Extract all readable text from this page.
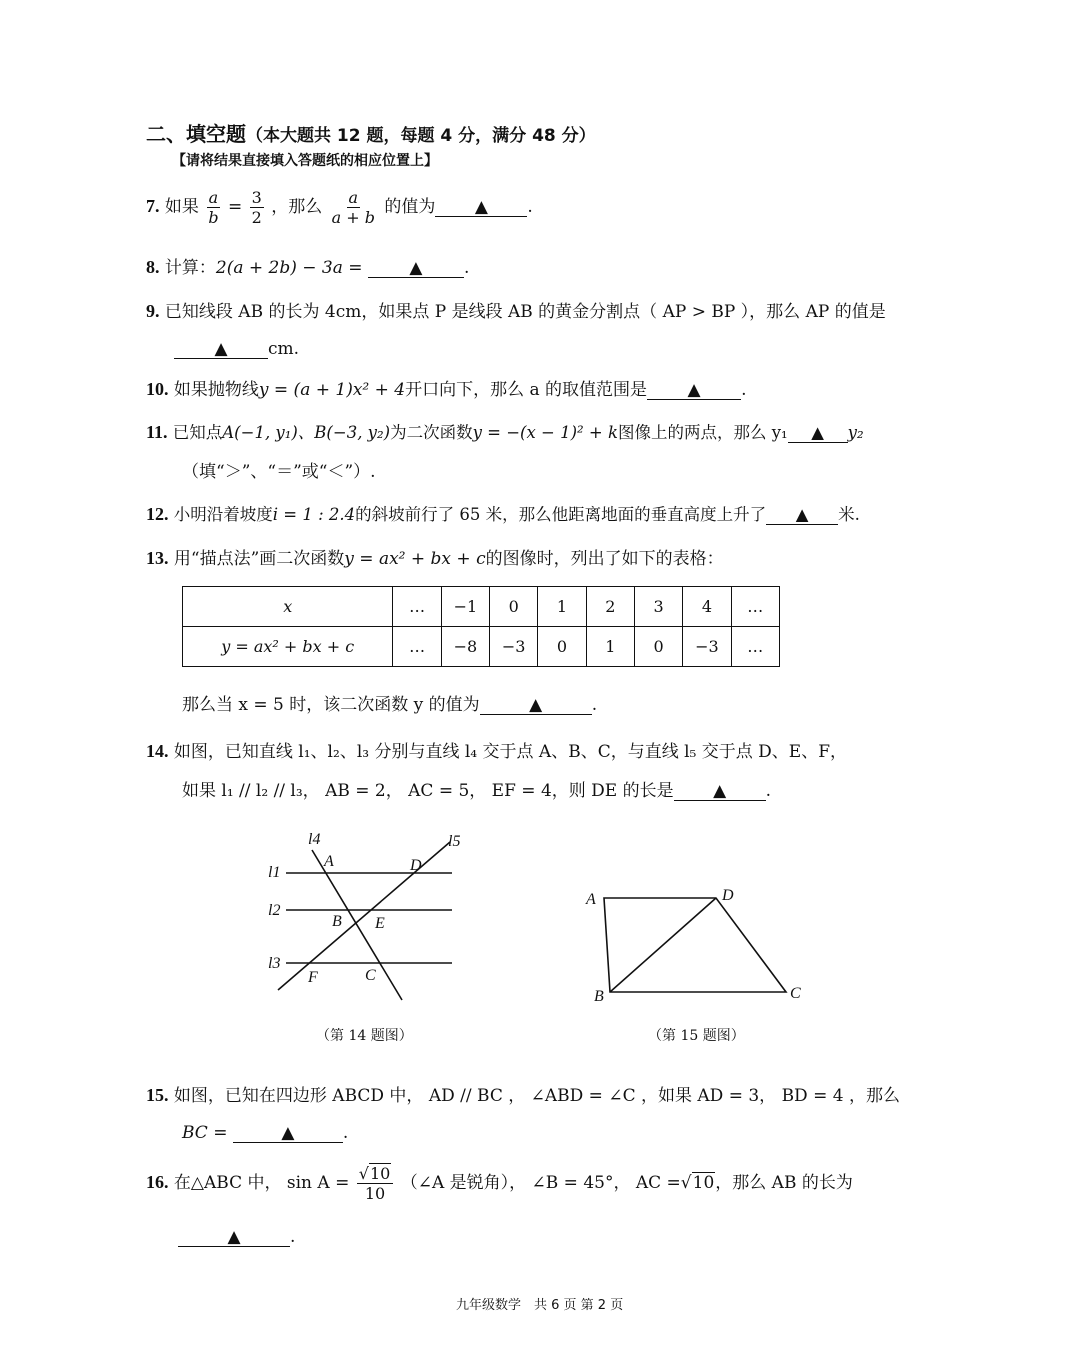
二、填空题（本大题共 12 题，每题 4 分，满分 48 分）
【请将结果直接填入答题纸的相应位置上】
7. 如果 $\frac{a}{b} = \frac{3}{2}$ ，那么 $\frac{a}{a + b}$ 的值为 ▲ .
8. 计算：2(a + 2b) − 3a =	▲ .
9. 已知线段 AB 的长为 4cm，如果点 P 是线段 AB 的黄金分割点（ AP > BP ），那么 AP 的值是
▲ cm.
10. 如果抛物线y = (a + 1)x² + 4开口向下，那么 a 的取值范围是 ▲ .
11. 已知点A(−1, y₁)、B(−3, y₂)为二次函数y = −(x − 1)² + k图像上的两点，那么 y₁ ▲ y₂
（填“＞”、“＝”或“＜”）.
12. 小明沿着坡度i = 1 : 2.4的斜坡前行了 65 米，那么他距离地面的垂直高度上升了 ▲ 米.
13. 用“描点法”画二次函数y = ax² + bx + c的图像时，列出了如下的表格：
x	…	−1	0	1	2	3	4	…
y = ax² + bx + c	…	−8	−3	0	1	0	−3	…
那么当 x = 5 时，该二次函数 y 的值为	▲	.
14. 如图，已知直线 l₁、l₂、l₃ 分别与直线 l₄ 交于点 A、B、C，与直线 l₅ 交于点 D、E、F，
如果 l₁ // l₂ // l₃， AB = 2， AC = 5， EF = 4，则 DE 的长是 ▲ .
l4	l5
l1
l2
l3
A	D
B E
F	C
（第 14 题图）
A	D
B	C
（第 15 题图）
15. 如图，已知在四边形 ABCD 中， AD // BC ， ∠ABD = ∠C ，如果 AD = 3， BD = 4 ，那么
BC =	▲	.
16. 在△ABC 中， $\sin A = \frac{√10}{10}$ （∠A 是锐角）， ∠B = 45°， AC =√10，那么 AB 的长为
▲	.
九年级数学　共 6 页 第 2 页
